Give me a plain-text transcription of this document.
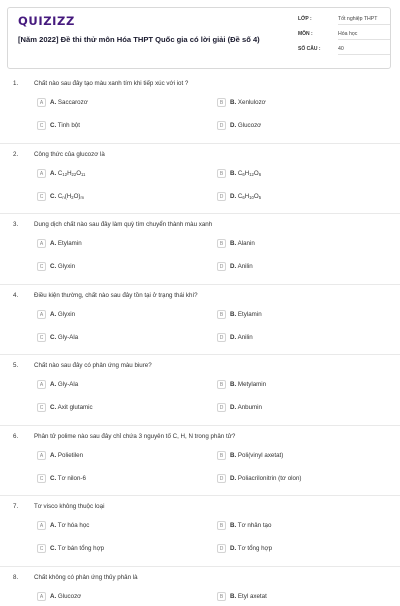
QUIZIZZ
[Năm 2022] Đề thi thử môn Hóa THPT Quốc gia có lời giải (Đề số 4)
LỚP :	Tốt nghiệp THPT
MÔN :	Hóa học
SỐ CÂU :	40
1.	Chất nào sau đây tạo màu xanh tím khi tiếp xúc với iot ?
A	A. Saccarozơ	B	B. Xenlulozơ
C	C. Tinh bột	D	D. Glucozơ
2.	Công thức của glucozơ là
A	A. $C_{12}H_{22}O_{11}$	B	B. $C_6H_{12}O_6$
C	C. $C_n(H_2O)_m$	D	D. $C_6H_{10}O_5$
3.	Dung dịch chất nào sau đây làm quỳ tím chuyển thành màu xanh
A	A. Etylamin	B	B. Alanin
C	C. Glyxin	D	D. Anilin
4.	Điều kiện thường, chất nào sau đây tồn tại ở trạng thái khí?
A	A. Glyxin	B	B. Etylamin
C	C. Gly-Ala	D	D. Anilin
5.	Chất nào sau đây có phản ứng màu biure?
A	A. Gly-Ala	B	B. Metylamin
C	C. Axit glutamic	D	D. Anbumin
6.	Phân tử polime nào sau đây chỉ chứa 3 nguyên tố C, H, N trong phân tử?
A	A. Polietilen	B	B. Poli(vinyl axetat)
C	C. Tơ nilon-6	D	D. Poliacrilonitrin (tơ olon)
7.	Tơ visco không thuộc loại
A	A. Tơ hóa học	B	B. Tơ nhân tạo
C	C. Tơ bán tổng hợp	D	D. Tơ tổng hợp
8.	Chất không có phản ứng thủy phân là
A	A. Glucozơ	B	B. Etyl axetat
